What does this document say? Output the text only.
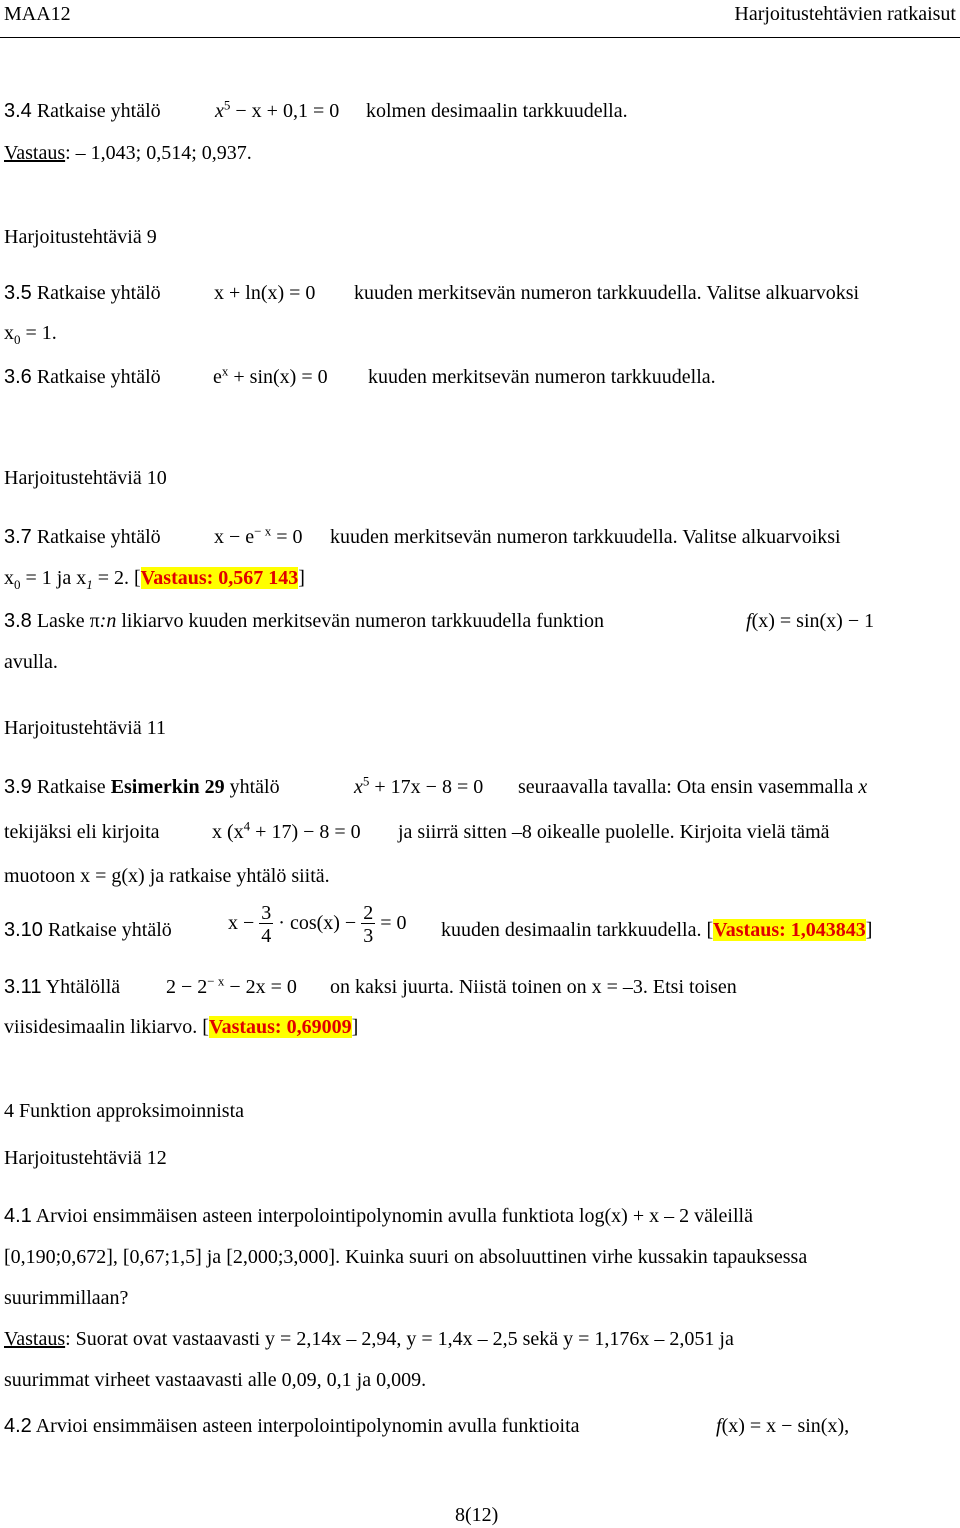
MAA12	Harjoitustehtävien ratkaisut
3.4 Ratkaise yhtälö	$x^5 - x + 0,1 = 0$ kolmen desimaalin tarkkuudella.
Vastaus: – 1,043; 0,514; 0,937.
Harjoitustehtäviä 9
3.5 Ratkaise yhtälö	x + ln(x) = 0 kuuden merkitsevän numeron tarkkuudella. Valitse alkuarvoksi
$x_0 = 1$.
3.6 Ratkaise yhtälö	$e^x + \sin(x) = 0$ kuuden merkitsevän numeron tarkkuudella.
Harjoitustehtäviä 10
3.7 Ratkaise yhtälö	$x - e^{- x} = 0$ kuuden merkitsevän numeron tarkkuudella. Valitse alkuarvoiksi
$x_0 = 1$ ja $x_1 = 2$. [Vastaus: 0,567 143]
3.8 Laske π:n likiarvo kuuden merkitsevän numeron tarkkuudella funktion	f(x) = sin(x) − 1
avulla.
Harjoitustehtäviä 11
3.9 Ratkaise Esimerkin 29 yhtälö	$x^5 + 17x - 8 = 0$ seuraavalla tavalla: Ota ensin vasemmalla x
tekijäksi eli kirjoita	x $(x^4 + 17) - 8 = 0$ ja siirrä sitten –8 oikealle puolelle. Kirjoita vielä tämä
muotoon x = g(x) ja ratkaise yhtälö siitä.
3.10 Ratkaise yhtälö	$x - \frac{3}{4} \cdot \cos(x) - \frac{2}{3} = 0$ kuuden desimaalin tarkkuudella. [Vastaus: 1,043843]
3.11 Yhtälöllä $2 - 2^{- x} - 2x = 0$ on kaksi juurta. Niistä toinen on x = –3. Etsi toisen
viisidesimaalin likiarvo. [Vastaus: 0,69009]
4 Funktion approksimoinnista
Harjoitustehtäviä 12
4.1 Arvioi ensimmäisen asteen interpolointipolynomin avulla funktiota log(x) + x – 2 väleillä
[0,190;0,672], [0,67;1,5] ja [2,000;3,000]. Kuinka suuri on absoluuttinen virhe kussakin tapauksessa
suurimmillaan?
Vastaus: Suorat ovat vastaavasti y = 2,14x – 2,94, y = 1,4x – 2,5 sekä y = 1,176x – 2,051 ja
suurimmat virheet vastaavasti alle 0,09, 0,1 ja 0,009.
4.2 Arvioi ensimmäisen asteen interpolointipolynomin avulla funktioita	f(x) = x − sin(x),
8(12)
